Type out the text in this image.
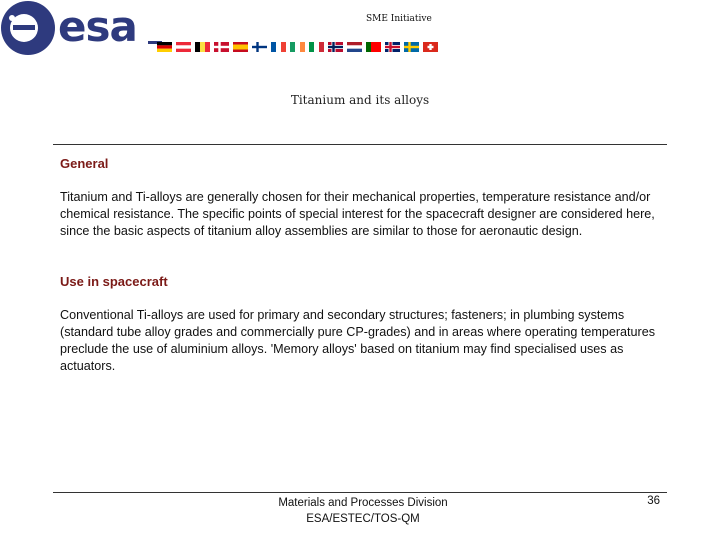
esa	SME Initiative
Titanium and its alloys

General

Titanium and Ti-alloys are generally chosen for their mechanical properties, temperature resistance and/or chemical resistance. The specific points of special interest for the spacecraft designer are considered here, since the basic aspects of titanium alloy assemblies are similar to those for aeronautic design.

Use in spacecraft

Conventional Ti-alloys are used for primary and secondary structures; fasteners; in plumbing systems (standard tube alloy grades and commercially pure CP-grades) and in areas where operating temperatures preclude the use of aluminium alloys. 'Memory alloys' based on titanium may find specialised uses as actuators.

Materials and Processes Division
ESA/ESTEC/TOS-QM
36
